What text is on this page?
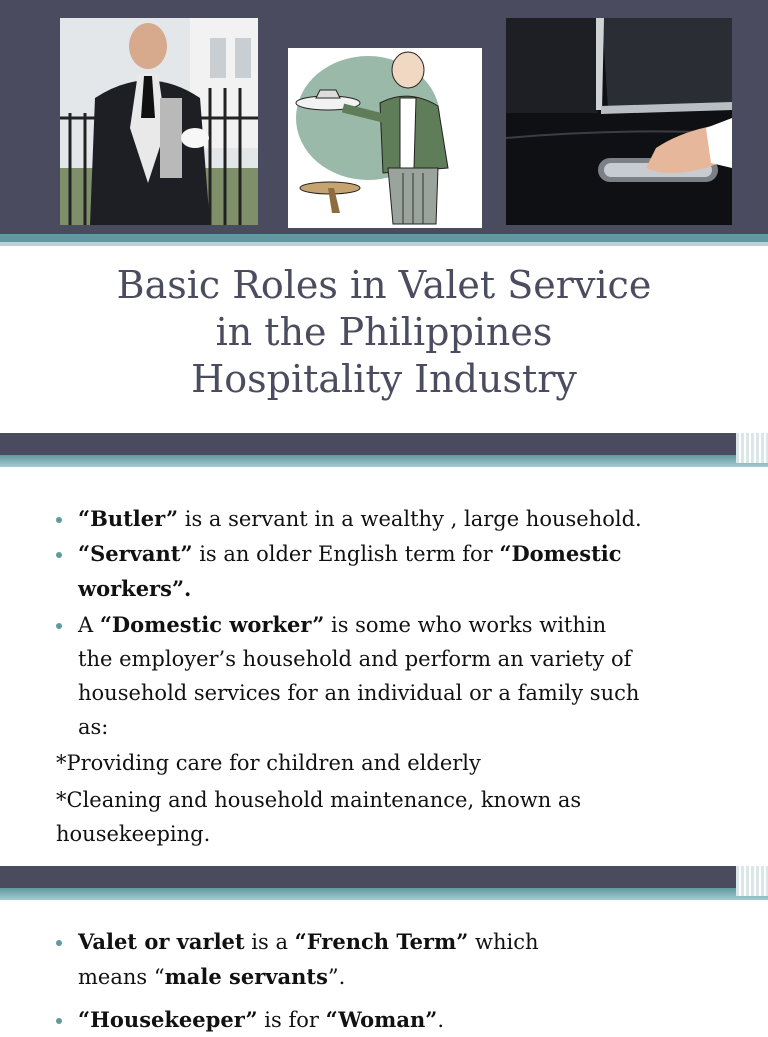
Basic Roles in Valet Service
in the Philippines
Hospitality Industry
“Butler” is a servant in a wealthy , large household.
“Servant” is an older English term for “Domestic
workers”.
A “Domestic worker” is some who works within
the employer’s household and perform an variety of
household services for an individual or a family such
as:
*Providing care for children and elderly
*Cleaning and household maintenance, known as
housekeeping.
Valet or varlet is a “French Term” which
means “male servants”.
“Housekeeper” is for “Woman”.
